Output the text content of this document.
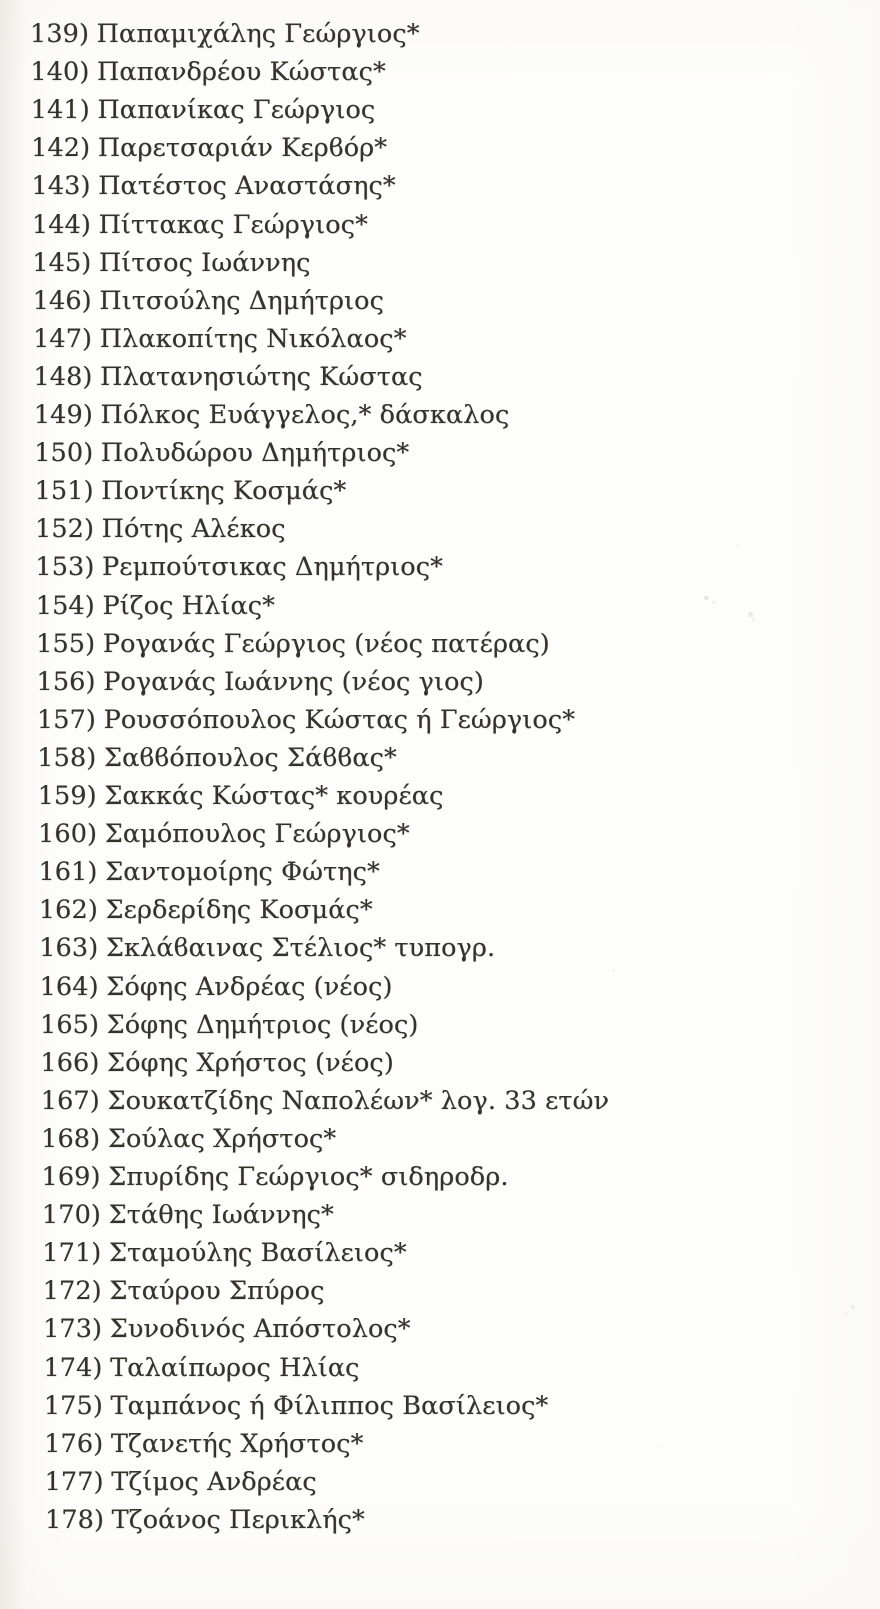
139) Παπαμιχάλης Γεώργιος*
140) Παπανδρέου Κώστας*
141) Παπανίκας Γεώργιος
142) Παρετσαριάν Κερϐόρ*
143) Πατέστος Αναστάσης*
144) Πίττακας Γεώργιος*
145) Πίτσος Ιωάννης
146) Πιτσούλης Δημήτριος
147) Πλακοπίτης Νικόλαος*
148) Πλατανησιώτης Κώστας
149) Πόλκος Ευάγγελος,* δάσκαλος
150) Πολυδώρου Δημήτριος*
151) Ποντίκης Κοσμάς*
152) Πότης Αλέκος
153) Ρεμπούτσικας Δημήτριος*
154) Ρίζος Ηλίας*
155) Ρογανάς Γεώργιος (νέος πατέρας)
156) Ρογανάς Ιωάννης (νέος γιος)
157) Ρουσσόπουλος Κώστας ή Γεώργιος*
158) Σαϐϐόπουλος Σάϐϐας*
159) Σακκάς Κώστας* κουρέας
160) Σαμόπουλος Γεώργιος*
161) Σαντομοίρης Φώτης*
162) Σερδερίδης Κοσμάς*
163) Σκλάϐαινας Στέλιος* τυπογρ.
164) Σόφης Ανδρέας (νέος)
165) Σόφης Δημήτριος (νέος)
166) Σόφης Χρήστος (νέος)
167) Σουκατζίδης Ναπολέων* λογ. 33 ετών
168) Σούλας Χρήστος*
169) Σπυρίδης Γεώργιος* σιδηροδρ.
170) Στάθης Ιωάννης*
171) Σταμούλης Βασίλειος*
172) Σταύρου Σπύρος
173) Συνοδινός Απόστολος*
174) Ταλαίπωρος Ηλίας
175) Ταμπάνος ή Φίλιππος Βασίλειος*
176) Τζανετής Χρήστος*
177) Τζίμος Ανδρέας
178) Τζοάνος Περικλής*
